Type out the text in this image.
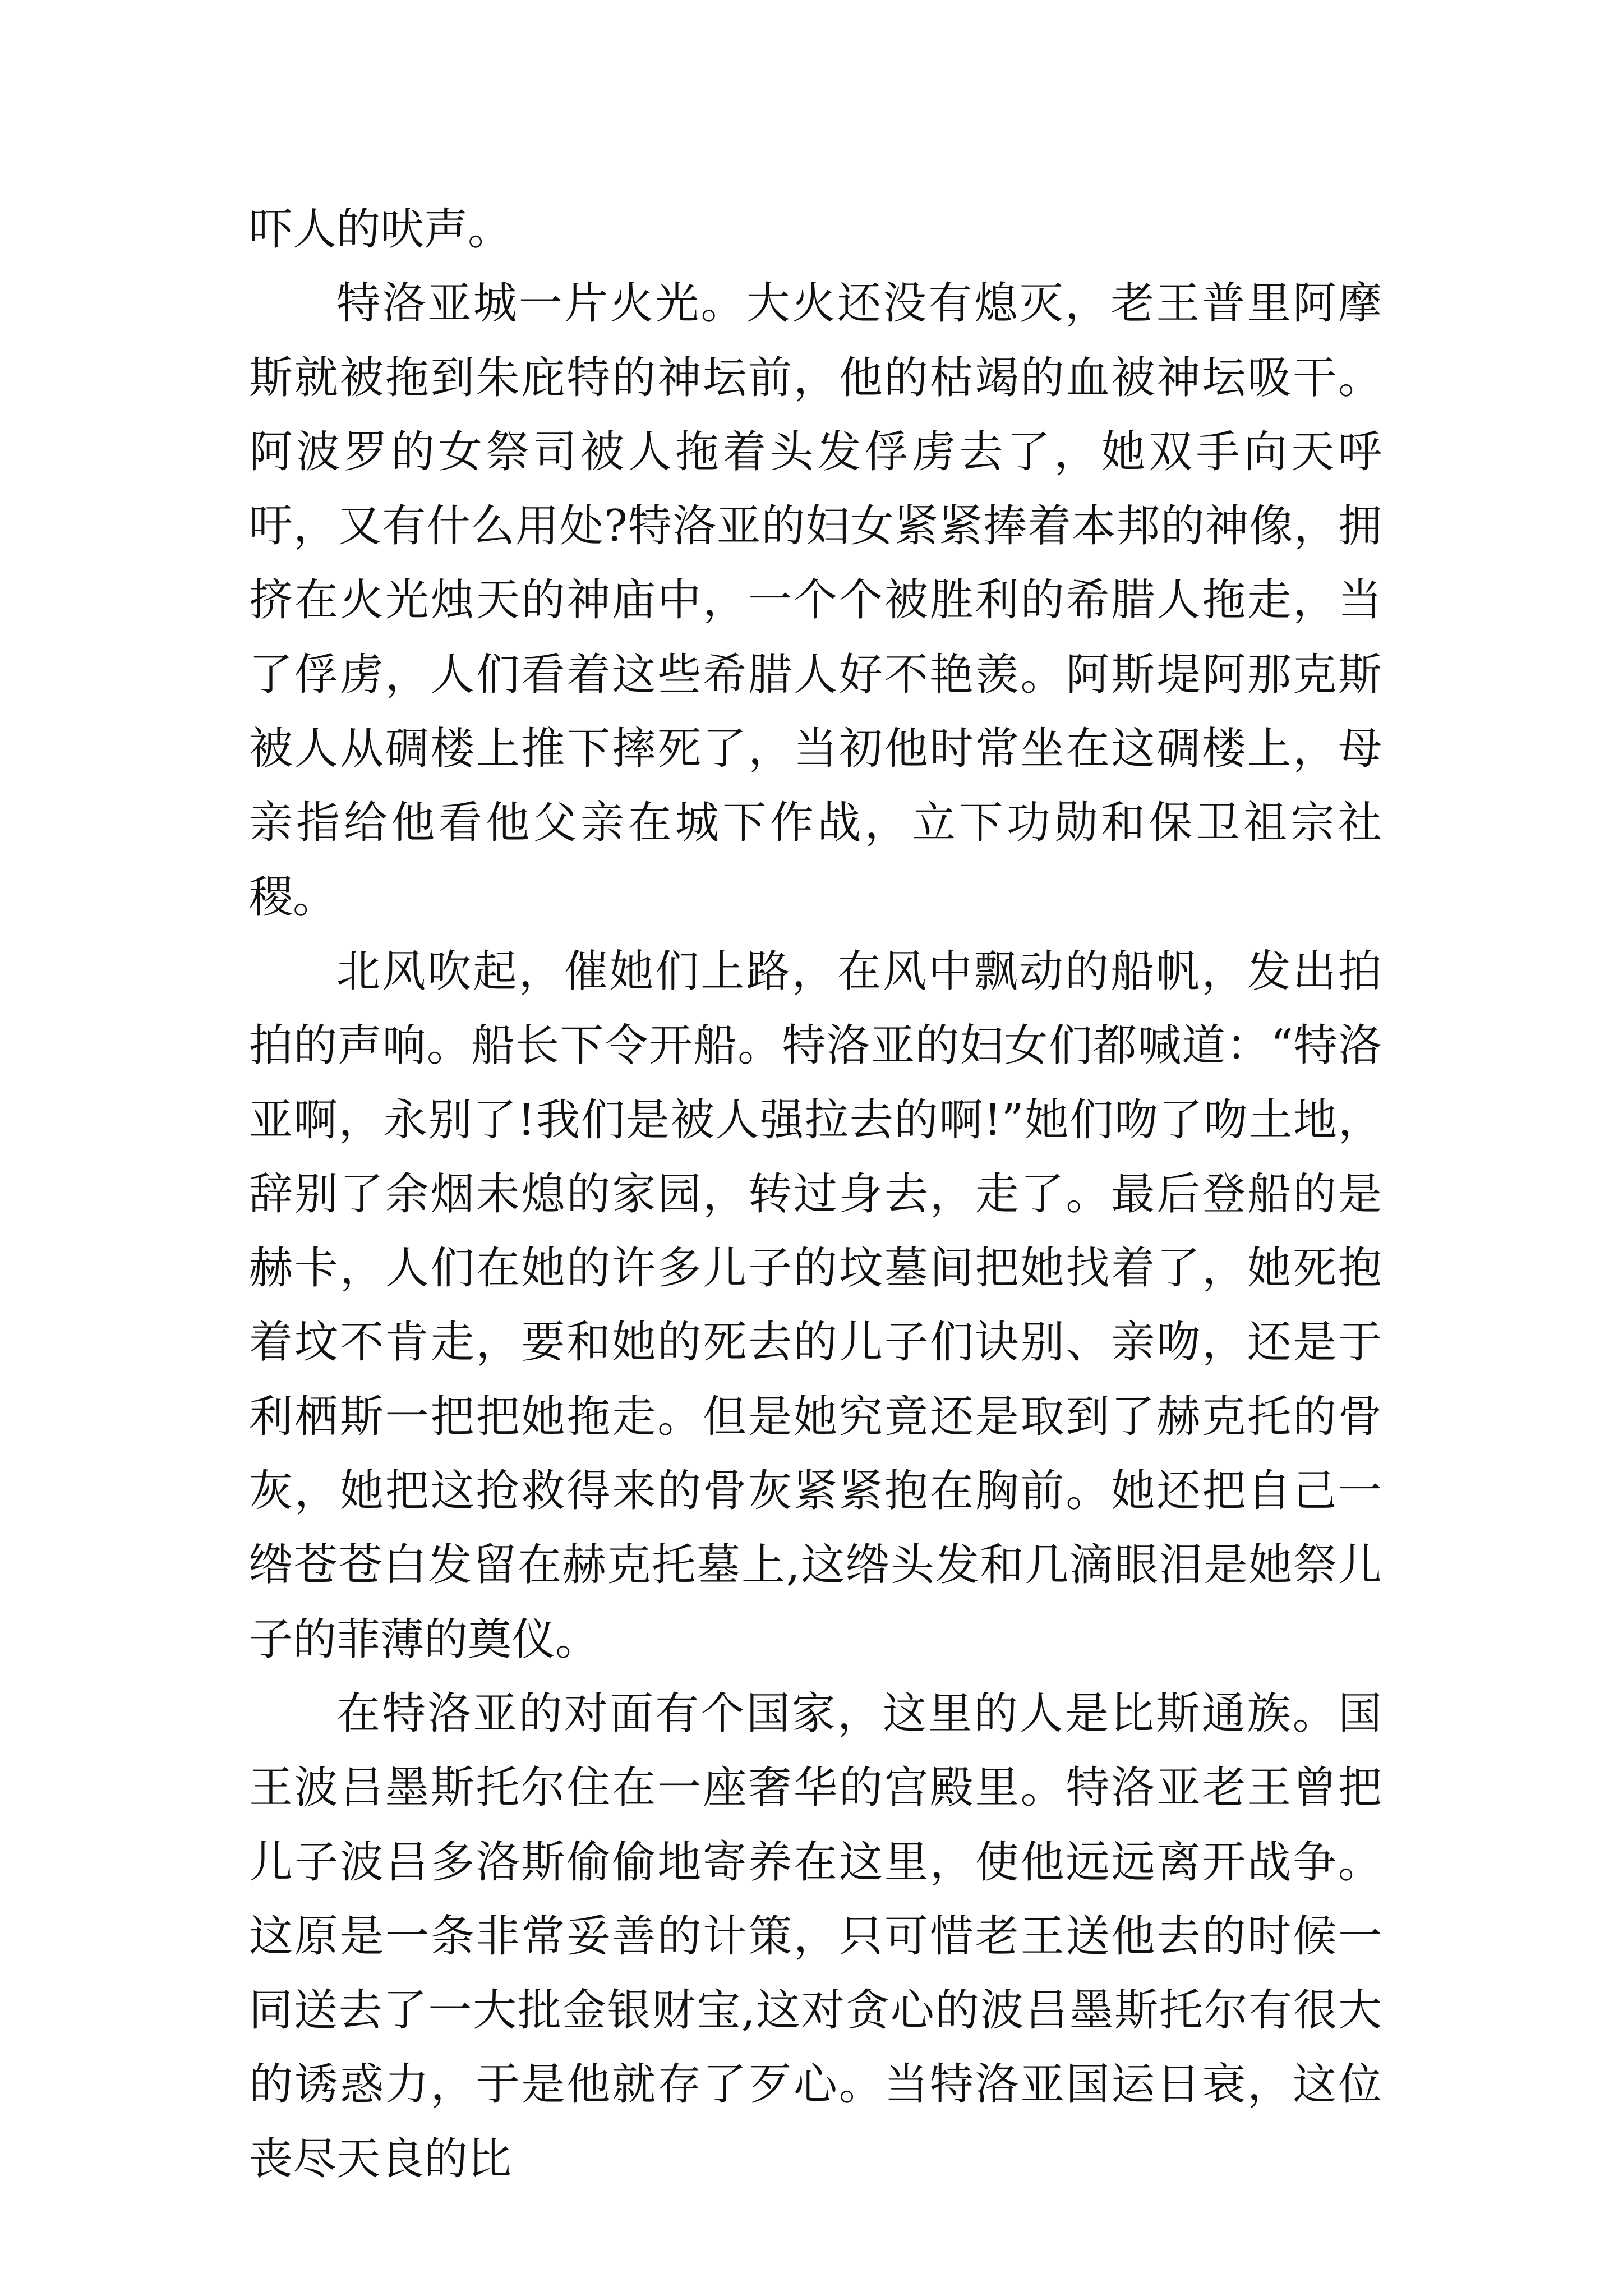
吓人的吠声。

特洛亚城一片火光。大火还没有熄灭，老王普里阿摩斯就被拖到朱庇特的神坛前，他的枯竭的血被神坛吸干。阿波罗的女祭司被人拖着头发俘虏去了，她双手向天呼吁，又有什么用处?特洛亚的妇女紧紧捧着本邦的神像，拥挤在火光烛天的神庙中，一个个被胜利的希腊人拖走，当了俘虏，人们看着这些希腊人好不艳羡。阿斯堤阿那克斯被人从碉楼上推下摔死了，当初他时常坐在这碉楼上，母亲指给他看他父亲在城下作战，立下功勋和保卫祖宗社稷。

北风吹起，催她们上路，在风中飘动的船帆，发出拍拍的声响。船长下令开船。特洛亚的妇女们都喊道：“特洛亚啊，永别了!我们是被人强拉去的啊!”她们吻了吻土地，辞别了余烟未熄的家园，转过身去，走了。最后登船的是赫卡，人们在她的许多儿子的坟墓间把她找着了，她死抱着坟不肯走，要和她的死去的儿子们诀别、亲吻，还是于利栖斯一把把她拖走。但是她究竟还是取到了赫克托的骨灰，她把这抢救得来的骨灰紧紧抱在胸前。她还把自己一绺苍苍白发留在赫克托墓上,这绺头发和几滴眼泪是她祭儿子的菲薄的奠仪。

在特洛亚的对面有个国家，这里的人是比斯通族。国王波吕墨斯托尔住在一座奢华的宫殿里。特洛亚老王曾把儿子波吕多洛斯偷偷地寄养在这里，使他远远离开战争。这原是一条非常妥善的计策，只可惜老王送他去的时候一同送去了一大批金银财宝,这对贪心的波吕墨斯托尔有很大的诱惑力，于是他就存了歹心。当特洛亚国运日衰，这位丧尽天良的比
